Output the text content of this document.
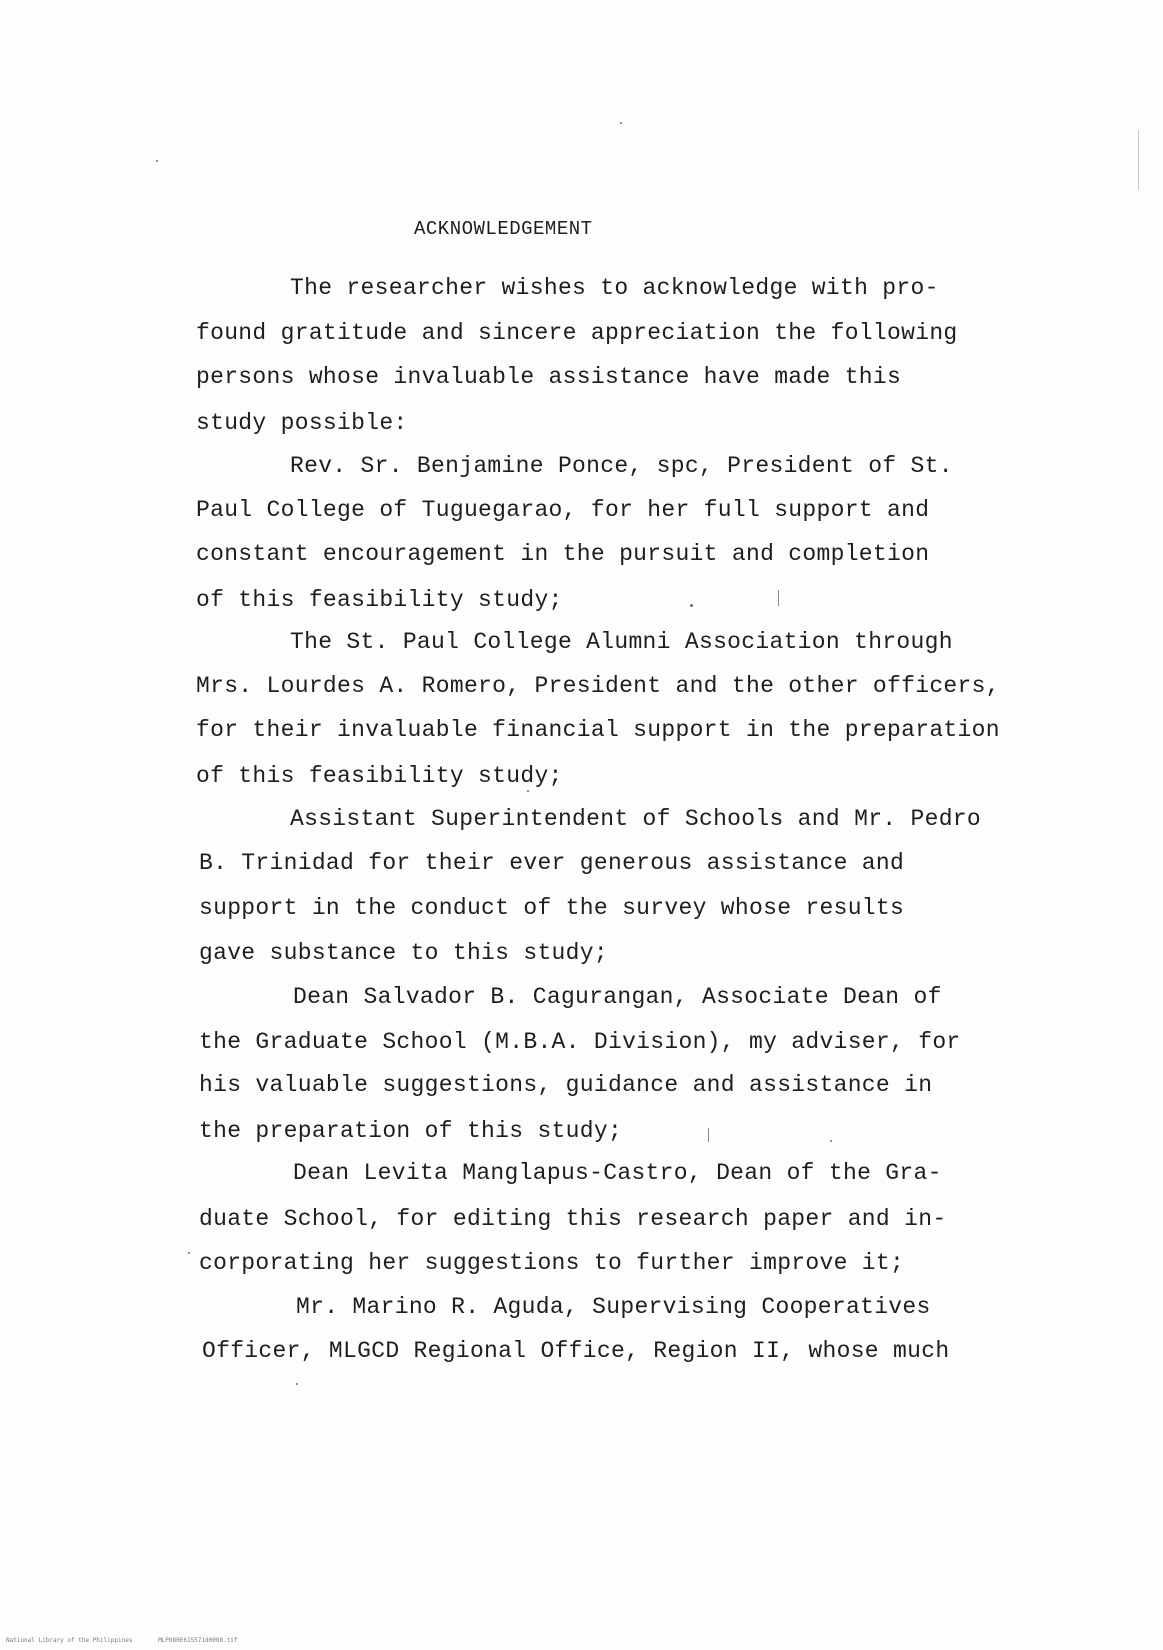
ACKNOWLEDGEMENT
The researcher wishes to acknowledge with pro-
found gratitude and sincere appreciation the following
persons whose invaluable assistance have made this
study possible:
Rev. Sr. Benjamine Ponce, spc, President of St.
Paul College of Tuguegarao, for her full support and
constant encouragement in the pursuit and completion
of this feasibility study;
The St. Paul College Alumni Association through
Mrs. Lourdes A. Romero, President and the other officers,
for their invaluable financial support in the preparation
of this feasibility study;
Assistant Superintendent of Schools and Mr. Pedro
B. Trinidad for their ever generous assistance and
support in the conduct of the survey whose results
gave substance to this study;
Dean Salvador B. Cagurangan, Associate Dean of
the Graduate School (M.B.A. Division), my adviser, for
his valuable suggestions, guidance and assistance in
the preparation of this study;
Dean Levita Manglapus-Castro, Dean of the Gra-
duate School, for editing this research paper and in-
corporating her suggestions to further improve it;
Mr. Marino R. Aguda, Supervising Cooperatives
Officer, MLGCD Regional Office, Region II, whose much
National Library of the Philippines	MLP080E615571d0008.tif
